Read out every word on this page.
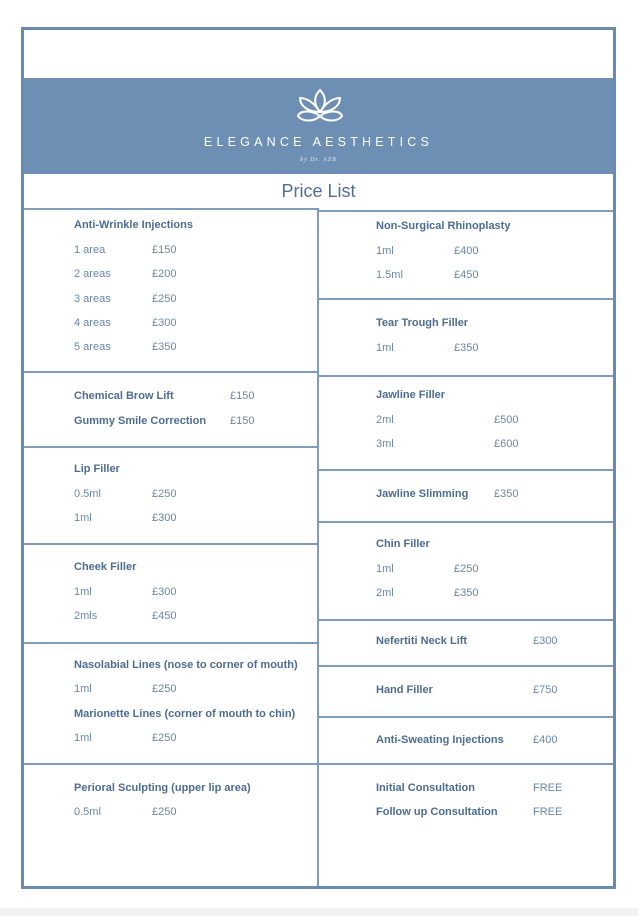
ELEGANCE AESTHETICS
by Dr. AZB
Price List
Anti-Wrinkle Injections
1 area	£150
2 areas	£200
3 areas	£250
4 areas	£300
5 areas	£350
Chemical Brow Lift	£150
Gummy Smile Correction £150
Lip Filler
0.5ml	£250
1ml	£300
Cheek Filler
1ml	£300
2mls	£450
Nasolabial Lines (nose to corner of mouth)
1ml	£250
Marionette Lines (corner of mouth to chin)
1ml	£250
Perioral Sculpting (upper lip area)
0.5ml	£250
Non-Surgical Rhinoplasty
1ml	£400
1.5ml	£450
Tear Trough Filler
1ml	£350
Jawline Filler
2ml	£500
3ml	£600
Jawline Slimming £350
Chin Filler
1ml	£250
2ml	£350
Nefertiti Neck Lift	£300
Hand Filler	£750
Anti-Sweating Injections	£400
Initial Consultation	FREE
Follow up Consultation	FREE
